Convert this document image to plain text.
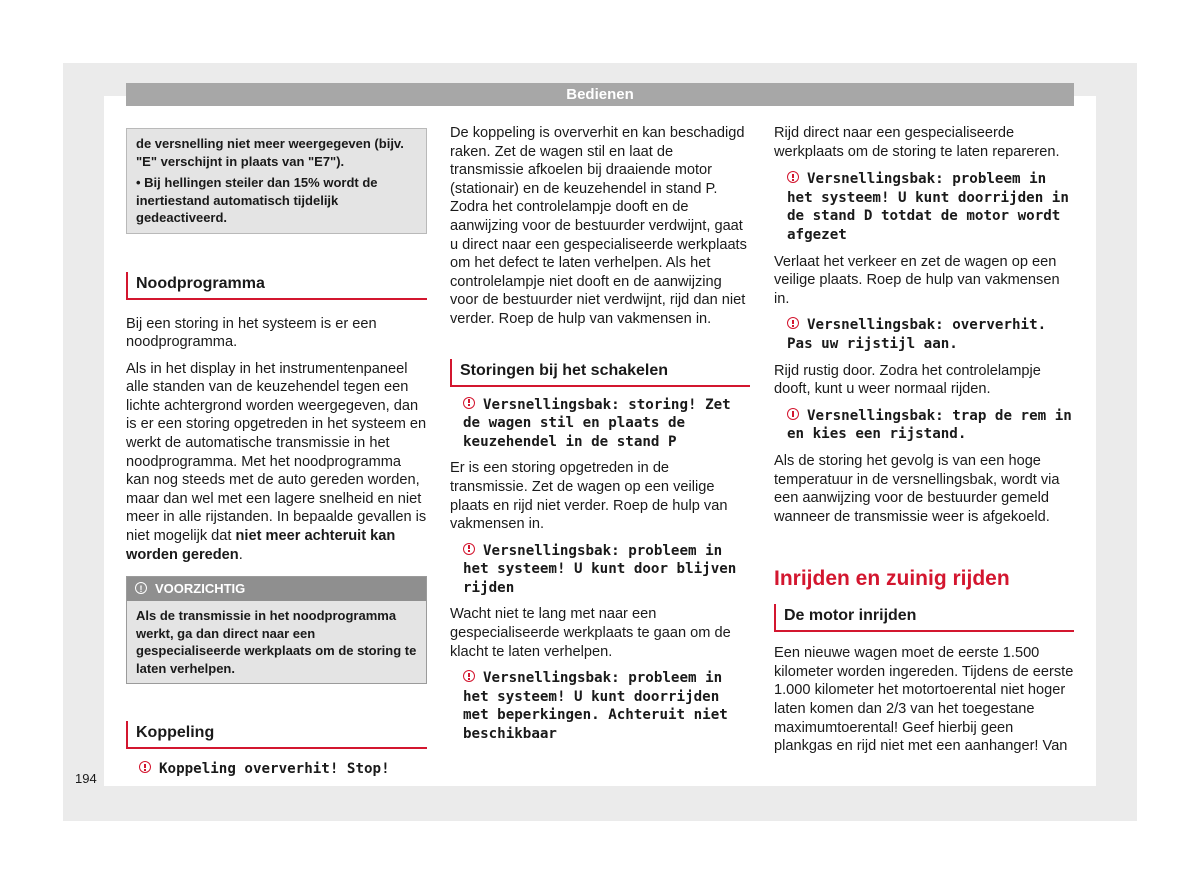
Bedienen

de versnelling niet meer weergegeven (bijv. "E" verschijnt in plaats van "E7").

• Bij hellingen steiler dan 15% wordt de inertiestand automatisch tijdelijk gedeactiveerd.

Noodprogramma

Bij een storing in het systeem is er een noodprogramma.

Als in het display in het instrumentenpaneel alle standen van de keuzehendel tegen een lichte achtergrond worden weergegeven, dan is er een storing opgetreden in het systeem en werkt de automatische transmissie in het noodprogramma. Met het noodprogramma kan nog steeds met de auto gereden worden, maar dan wel met een lagere snelheid en niet meer in alle rijstanden. In bepaalde gevallen is niet mogelijk dat niet meer achteruit kan worden gereden.

!VOORZICHTIG
Als de transmissie in het noodprogramma werkt, ga dan direct naar een gespecialiseerde werkplaats om de storing te laten verhelpen.
Koppeling

Koppeling oververhit! Stop!

De koppeling is oververhit en kan beschadigd raken. Zet de wagen stil en laat de transmissie afkoelen bij draaiende motor (stationair) en de keuzehendel in stand P. Zodra het controlelampje dooft en de aanwijzing voor de bestuurder verdwijnt, gaat u direct naar een gespecialiseerde werkplaats om het defect te laten verhelpen. Als het controlelampje niet dooft en de aanwijzing voor de bestuurder niet verdwijnt, rijd dan niet verder. Roep de hulp van vakmensen in.

Storingen bij het schakelen

Versnellingsbak: storing! Zet de wagen stil en plaats de keuzehendel in de stand P

Er is een storing opgetreden in de transmissie. Zet de wagen op een veilige plaats en rijd niet verder. Roep de hulp van vakmensen in.

Versnellingsbak: probleem in het systeem! U kunt door blijven rijden

Wacht niet te lang met naar een gespecialiseerde werkplaats te gaan om de klacht te laten verhelpen.

Versnellingsbak: probleem in het systeem! U kunt doorrijden met beperkingen. Achteruit niet beschikbaar

Rijd direct naar een gespecialiseerde werkplaats om de storing te laten repareren.

Versnellingsbak: probleem in het systeem! U kunt doorrijden in de stand D totdat de motor wordt afgezet

Verlaat het verkeer en zet de wagen op een veilige plaats. Roep de hulp van vakmensen in.

Versnellingsbak: oververhit. Pas uw rijstijl aan.

Rijd rustig door. Zodra het controlelampje dooft, kunt u weer normaal rijden.

Versnellingsbak: trap de rem in en kies een rijstand.

Als de storing het gevolg is van een hoge temperatuur in de versnellingsbak, wordt via een aanwijzing voor de bestuurder gemeld wanneer de transmissie weer is afgekoeld.

Inrijden en zuinig rijden

De motor inrijden

Een nieuwe wagen moet de eerste 1.500 kilometer worden ingereden. Tijdens de eerste 1.000 kilometer het motortoerental niet hoger laten komen dan 2/3 van het toegestane maximumtoerental! Geef hierbij geen plankgas en rijd niet met een aanhanger! Van

194
